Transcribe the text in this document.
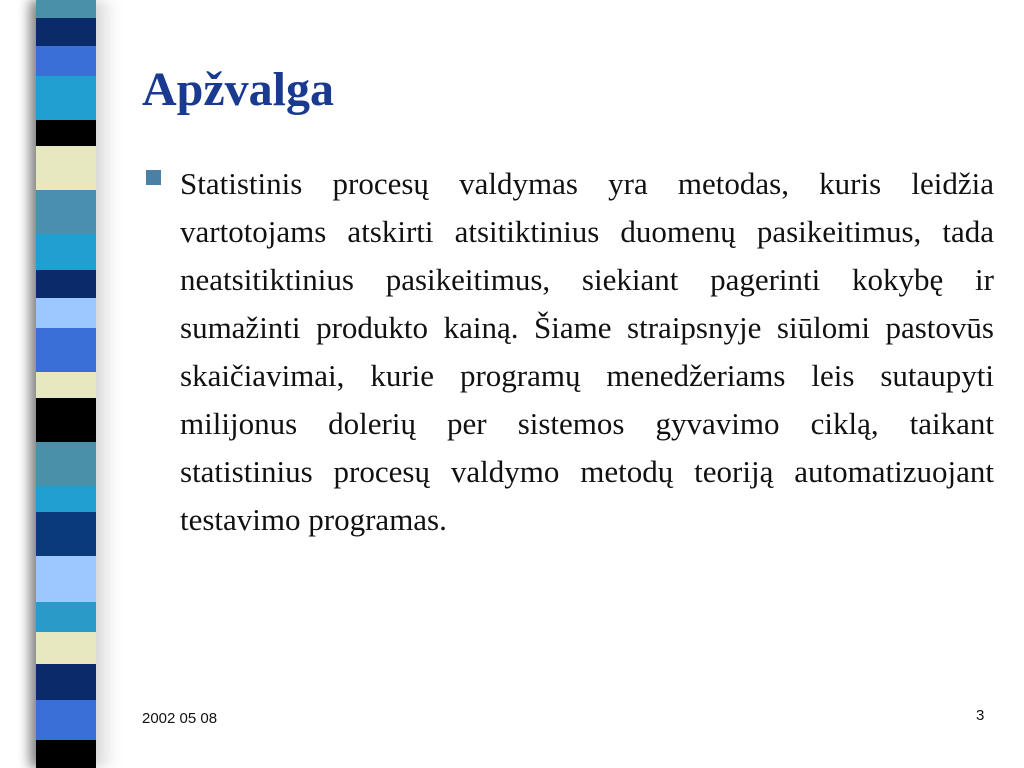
Apžvalga

Statistinis procesų valdymas yra metodas, kuris leidžia vartotojams atskirti atsitiktinius duomenų pasikeitimus, tada neatsitiktinius pasikeitimus, siekiant pagerinti kokybę ir sumažinti produkto kainą. Šiame straipsnyje siūlomi pastovūs skaičiavimai, kurie programų menedžeriams leis sutaupyti milijonus dolerių per sistemos gyvavimo ciklą, taikant statistinius procesų valdymo metodų teoriją automatizuojant testavimo programas.

2002 05 08	3
